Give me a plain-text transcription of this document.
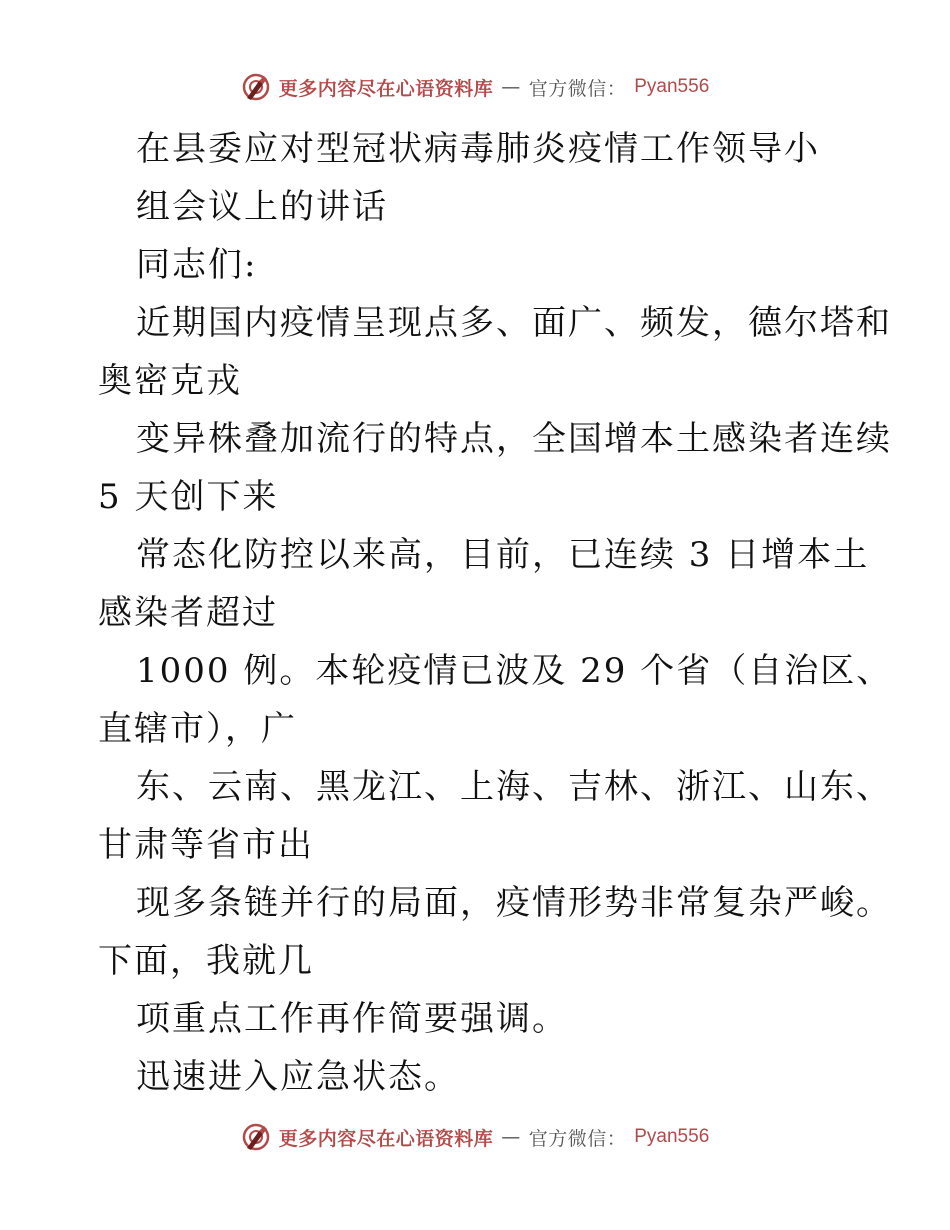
更多内容尽在心语资料库 — 官方微信： Pyan556
在县委应对型冠状病毒肺炎疫情工作领导小
组会议上的讲话
同志们:
近期国内疫情呈现点多、面广、频发，德尔塔和
奥密克戎
变异株叠加流行的特点，全国增本土感染者连续
5 天创下来
常态化防控以来高，目前，已连续 3 日增本土
感染者超过
1000 例。本轮疫情已波及 29 个省（自治区、
直辖市），广
东、云南、黑龙江、上海、吉林、浙江、山东、
甘肃等省市出
现多条链并行的局面，疫情形势非常复杂严峻。
下面，我就几
项重点工作再作简要强调。
迅速进入应急状态。
更多内容尽在心语资料库 — 官方微信： Pyan556
